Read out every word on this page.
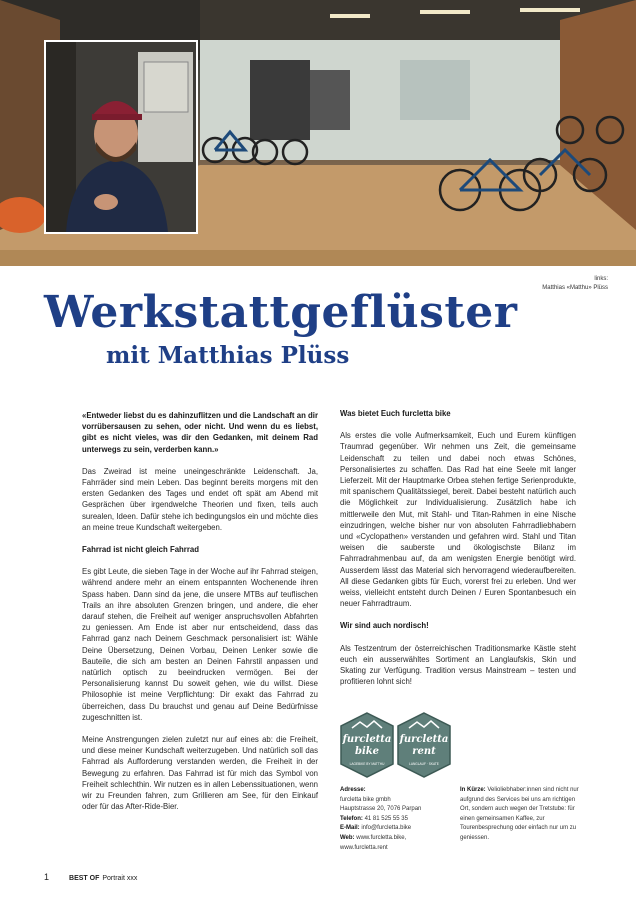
links:
Matthias «Matthu» Plüss
Werkstattgeflüster
mit Matthias Plüss

«Entweder liebst du es dahinzuflitzen und die Landschaft an dir vorrübersausen zu sehen, oder nicht. Und wenn du es liebst, gibt es nicht vieles, was dir den Gedanken, mit deinem Rad unterwegs zu sein, verderben kann.»

Das Zweirad ist meine uneingeschränkte Leidenschaft. Ja, Fahrräder sind mein Leben. Das beginnt bereits morgens mit den ersten Gedanken des Tages und endet oft spät am Abend mit Gesprächen über irgendwelche Theorien und fixen, teils auch surealen, Ideen. Dafür stehe ich bedingungslos ein und möchte dies an meine treue Kundschaft weitergeben.

Fahrrad ist nicht gleich Fahrrad

Es gibt Leute, die sieben Tage in der Woche auf ihr Fahrrad steigen, während andere mehr an einem entspannten Wochenende ihren Spass haben. Dann sind da jene, die unsere MTBs auf teuflischen Trails an ihre absoluten Grenzen bringen, und andere, die eher darauf stehen, die Freiheit auf weniger anspruchsvollen Abfahrten zu geniessen. Am Ende ist aber nur entscheidend, dass das Fahrrad ganz nach Deinem Geschmack personalisiert ist: Wähle Deine Übersetzung, Deinen Vorbau, Deinen Lenker sowie die Bauteile, die sich am besten an Deinen Fahrstil anpassen und natürlich optisch zu beeindrucken vermögen. Bei der Personalisierung kannst Du soweit gehen, wie du willst. Diese Philosophie ist meine Verpflichtung: Dir exakt das Fahrrad zu überreichen, dass Du brauchst und genau auf Deine Bedürfnisse zugeschnitten ist.

Meine Anstrengungen zielen zuletzt nur auf eines ab: die Freiheit, und diese meiner Kundschaft weiterzugeben. Und natürlich soll das Fahrrad als Aufforderung verstanden werden, die Freiheit in der Bewegung zu erfahren. Das Fahrrad ist für mich das Symbol von Freiheit schlechthin. Wir nutzen es in allen Lebenssituationen, wenn wir zu Freunden fahren, zum Grillieren am See, für den Einkauf oder für das After-Ride-Bier.

Was bietet Euch furcletta bike

Als erstes die volle Aufmerksamkeit, Euch und Eurem künftigen Traumrad gegenüber. Wir nehmen uns Zeit, die gemeinsame Leidenschaft zu teilen und dabei noch etwas Schönes, Personalisiertes zu schaffen. Das Rad hat eine Seele mit langer Lieferzeit. Mit der Hauptmarke Orbea stehen fertige Serienprodukte, mit spanischem Qualitätssiegel, bereit. Dabei besteht natürlich auch die Möglichkeit zur Individualisierung. Zusätzlich habe ich mittlerweile den Mut, mit Stahl- und Titan-Rahmen in eine Nische einzudringen, welche bisher nur von absoluten Fahrradliebhabern und «Cyclopathen» verstanden und gefahren wird. Stahl und Titan weisen die sauberste und ökologischste Bilanz im Fahrradrahmenbau auf, da am wenigsten Energie benötigt wird. Ausserdem lässt das Material sich hervorragend wiederaufbereiten. All diese Gedanken gibts für Euch, vorerst frei zu erleben. Und wer weiss, vielleicht entsteht durch Deinen / Euren Spontanbesuch ein neuer Fahrradtraum.

Wir sind auch nordisch!

Als Testzentrum der österreichischen Traditionsmarke Kästle steht euch ein ausserwähltes Sortiment an Langlaufskis, Skin und Skating zur Verfügung. Tradition versus Mainstream – testen und profitieren lohnt sich!

furcletta
bike
LAGEBIKE BY MATTHU
furcletta
rent
LANGLAUF · SKATE
Adresse:
furcletta bike gmbh
Hauptstrasse 20, 7076 Parpan
Telefon: 41 81 525 55 35
E-Mail: info@furcletta.bike
Web: www.furcletta.bike,
www.furcletta.rent
In Kürze: Velioliebhaber:innen sind nicht nur aufgrund des Services bei uns am richtigen Ort, sondern auch wegen der Tretstube: für einen gemeinsamen Kaffee, zur Tourenbesprechung oder einfach nur um zu geniessen.
1	BEST OF Portrait xxx
